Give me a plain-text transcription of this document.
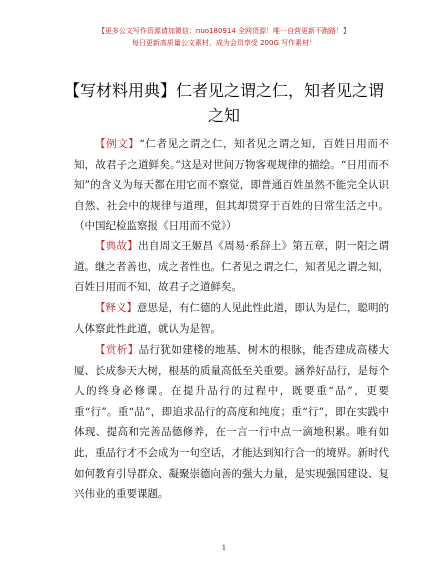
【更多公文写作资源请加微信：nuo180914 全网货源！唯一自营更新不跑路！】
每日更新高质量公文素材，成为会员享受 200G 写作素材！
【写材料用典】仁者见之谓之仁，知者见之谓之知

【例文】“仁者见之谓之仁，知者见之谓之知，百姓日用而不知，故君子之道鲜矣。”这是对世间万物客观规律的描绘。“日用而不知”的含义为每天都在用它而不察觉，即普通百姓虽然不能完全认识自然、社会中的规律与道理，但其却贯穿于百姓的日常生活之中。（中国纪检监察报《日用而不觉》）

【典故】出自周文王姬昌《周易·系辞上》第五章，阴一阳之谓道。继之者善也，成之者性也。仁者见之谓之仁，知者见之谓之知，百姓日用而不知，故君子之道鲜矣。

【释义】意思是，有仁德的人见此性此道，即认为是仁，聪明的人体察此性此道，就认为是智。

【赏析】品行犹如建楼的地基、树木的根脉，能否建成高楼大厦、长成参天大树，根基的质量高低至关重要。涵养好品行，是每个人的终身必修课。在提升品行的过程中，既要重“品”，更要重“行”。重“品”，即追求品行的高度和纯度；重“行”，即在实践中体现、提高和完善品德修养，在一言一行中点一滴地积累。唯有如此，重品行才不会成为一句空话，才能达到知行合一的境界。新时代如何教育引导群众、凝聚崇德向善的强大力量，是实现强国建设、复兴伟业的重要课题。

1
